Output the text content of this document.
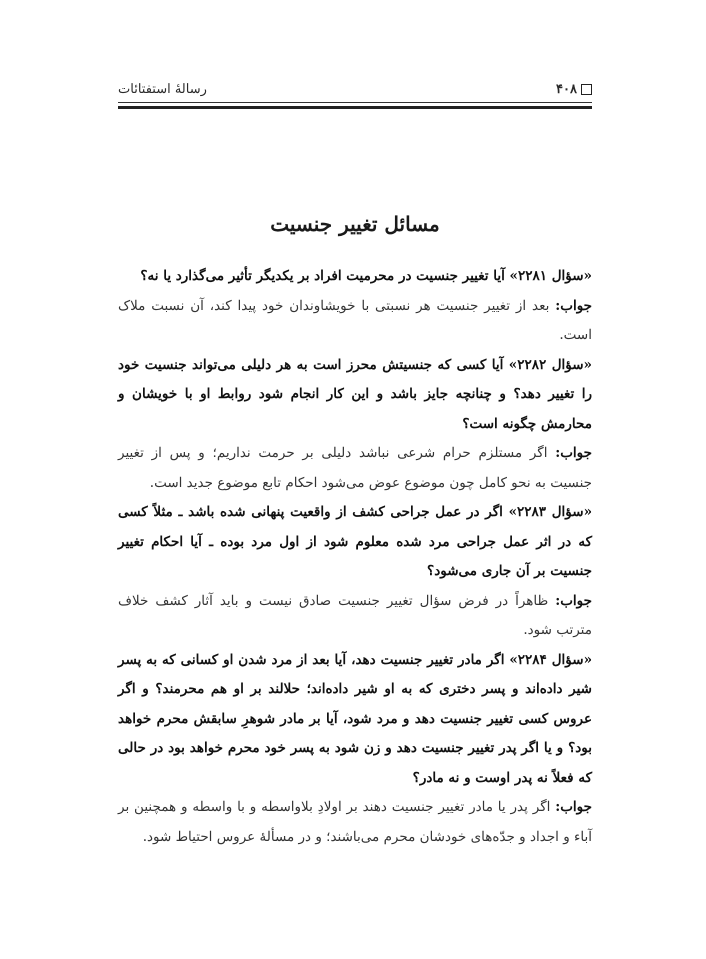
۴۰۸
رسالۀ استفتائات
مسائل تغییر جنسیت

«سؤال ۲۲۸۱» آیا تغییر جنسیت در محرمیت افراد بر یکدیگر تأثیر می‌گذارد یا نه؟

جواب: بعد از تغییر جنسیت هر نسبتی با خویشاوندان خود پیدا کند، آن نسبت ملاک است.

«سؤال ۲۲۸۲» آیا کسی که جنسیتش محرز است به هر دلیلی می‌تواند جنسیت خود را تغییر دهد؟ و چنانچه جایز باشد و این کار انجام شود روابط او با خویشان و محارمش چگونه است؟

جواب: اگر مستلزم حرام شرعی نباشد دلیلی بر حرمت نداریم؛ و پس از تغییر جنسیت به نحو کامل چون موضوع عوض می‌شود احکام تابع موضوع جدید است.

«سؤال ۲۲۸۳» اگر در عمل جراحی کشف از واقعیت پنهانی شده باشد ـ مثلاً کسی که در اثر عمل جراحی مرد شده معلوم شود از اول مرد بوده ـ آیا احکام تغییر جنسیت بر آن جاری می‌شود؟

جواب: ظاهراً در فرض سؤال تغییر جنسیت صادق نیست و باید آثار کشف خلاف مترتب شود.

«سؤال ۲۲۸۴» اگر مادر تغییر جنسیت دهد، آیا بعد از مرد شدن او کسانی که به پسر شیر داده‌اند و پسر دختری که به او شیر داده‌اند؛ حلالند بر او هم محرمند؟ و اگر عروس کسی تغییر جنسیت دهد و مرد شود، آیا بر مادر شوهرِ سابقش محرم خواهد بود؟ و یا اگر پدر تغییر جنسیت دهد و زن شود به پسر خود محرم خواهد بود در حالی که فعلاً نه پدر اوست و نه مادر؟

جواب: اگر پدر یا مادر تغییر جنسیت دهند بر اولادِ بلاواسطه و با واسطه و همچنین بر آباء و اجداد و جدّه‌های خودشان محرم می‌باشند؛ و در مسألۀ عروس احتیاط شود.
